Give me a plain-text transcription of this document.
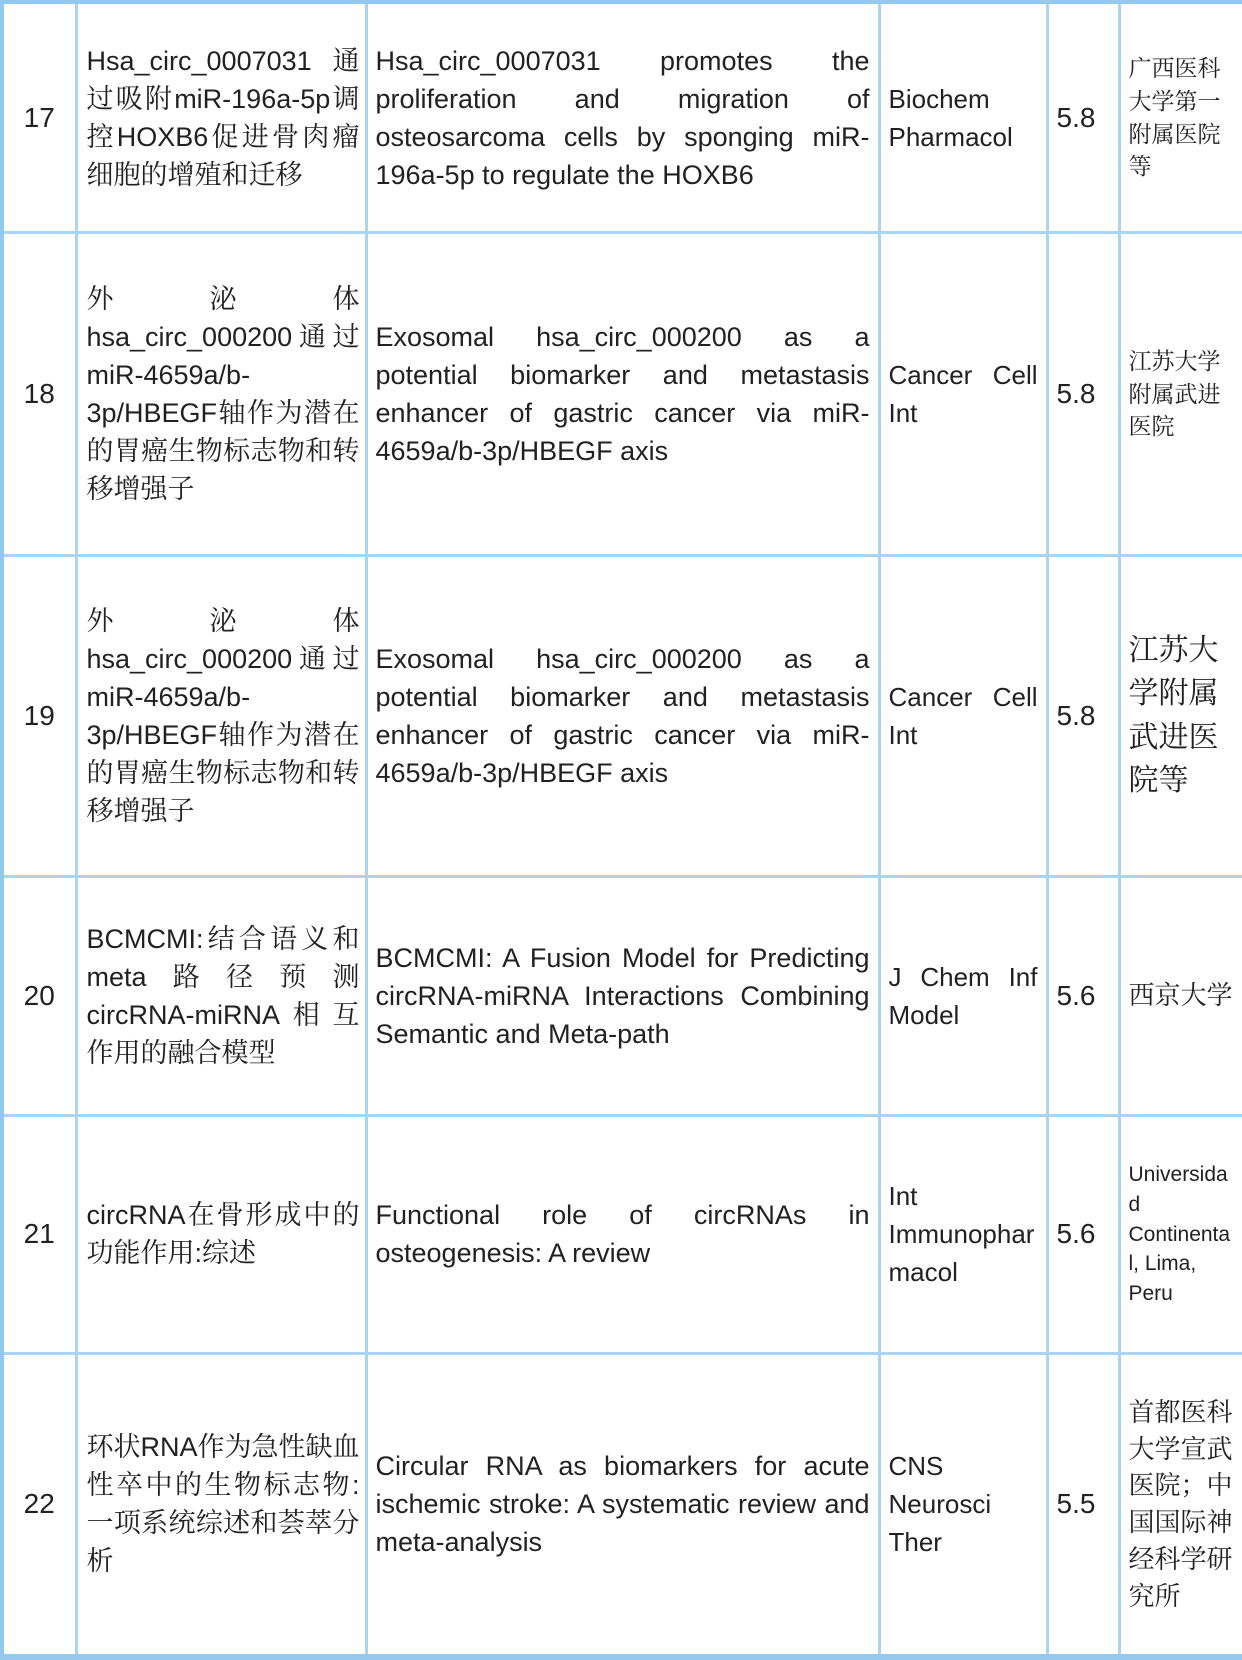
17	Hsa_circ_0007031通过吸附miR-196a-5p调控HOXB6促进骨肉瘤细胞的增殖和迁移	Hsa_circ_0007031 promotes the proliferation and migration of osteosarcoma cells by sponging miR-196a-5p to regulate the HOXB6	Biochem Pharmacol	5.8	广西医科大学第一附属医院等
18	外泌体hsa_circ_000200通过miR-4659a/b-3p/HBEGF轴作为潜在的胃癌生物标志物和转移增强子	Exosomal hsa_circ_000200 as a potential biomarker and metastasis enhancer of gastric cancer via miR-4659a/b-3p/HBEGF axis	Cancer Cell Int	5.8	江苏大学附属武进医院
19	外泌体hsa_circ_000200通过miR-4659a/b-3p/HBEGF轴作为潜在的胃癌生物标志物和转移增强子	Exosomal hsa_circ_000200 as a potential biomarker and metastasis enhancer of gastric cancer via miR-4659a/b-3p/HBEGF axis	Cancer Cell Int	5.8	江苏大学附属武进医院等
20	BCMCMI:结合语义和meta路径预测circRNA-miRNA相互作用的融合模型	BCMCMI: A Fusion Model for Predicting circRNA-miRNA Interactions Combining Semantic and Meta-path	J Chem Inf Model	5.6	西京大学
21	circRNA在骨形成中的功能作用:综述	Functional role of circRNAs in osteogenesis: A review	Int Immunopharmacol	5.6	Universidad Continental, Lima, Peru
22	环状RNA作为急性缺血性卒中的生物标志物:一项系统综述和荟萃分析	Circular RNA as biomarkers for acute ischemic stroke: A systematic review and meta-analysis	CNS Neurosci Ther	5.5	首都医科大学宣武医院；中国国际神经科学研究所
